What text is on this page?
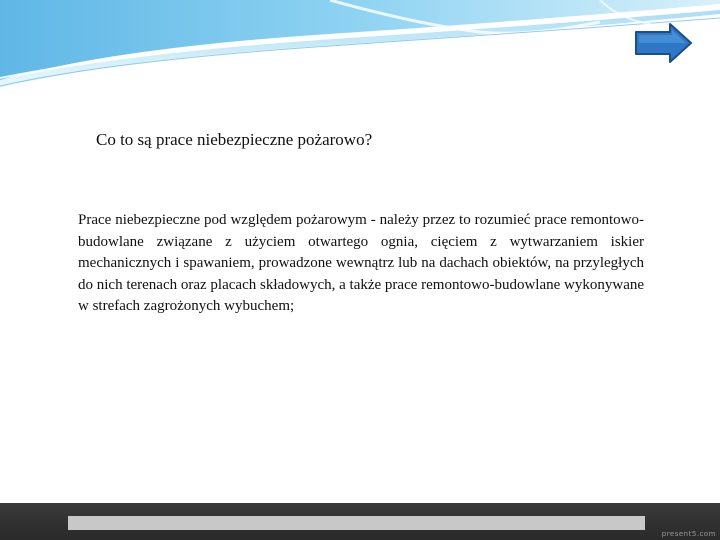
Co to są prace niebezpieczne pożarowo?
Prace niebezpieczne pod względem pożarowym - należy przez to rozumieć prace remontowo-budowlane związane z użyciem otwartego ognia, cięciem z wytwarzaniem iskier mechanicznych i spawaniem, prowadzone wewnątrz lub na dachach obiektów, na przyległych do nich terenach oraz placach składowych, a także prace remontowo-budowlane wykonywane w strefach zagrożonych wybuchem;
present5.com
